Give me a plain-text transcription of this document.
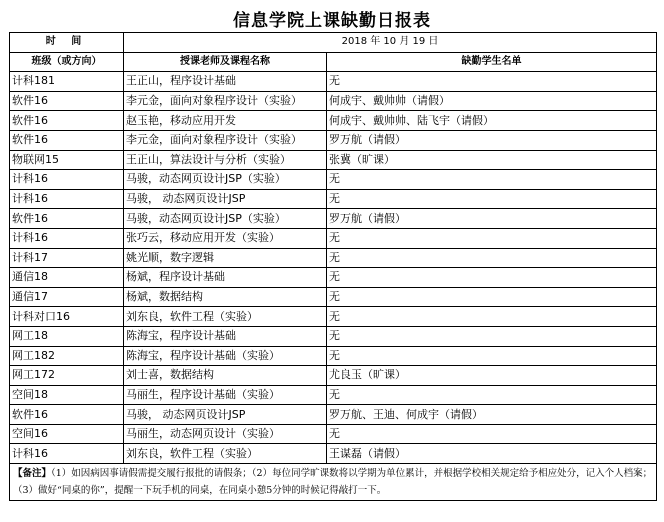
信息学院上课缺勤日报表
时 间	2018 年 10 月 19 日	
班级（或方向）	授课老师及课程名称	缺勤学生名单
计科181	王正山，程序设计基础	无
软件16	李元金，面向对象程序设计（实验）	何成宇、戴帅帅（请假）
软件16	赵玉艳，移动应用开发	何成宇、戴帅帅、陆飞宇（请假）
软件16	李元金，面向对象程序设计（实验）	罗万航（请假）
物联网15	王正山，算法设计与分析（实验）	张冀（旷课）
计科16	马骏，动态网页设计JSP（实验）	无
计科16	马骏， 动态网页设计JSP	无
软件16	马骏，动态网页设计JSP（实验）	罗万航（请假）
计科16	张巧云，移动应用开发（实验）	无
计科17	姚光顺，数字逻辑	无
通信18	杨斌，程序设计基础	无
通信17	杨斌，数据结构	无
计科对口16	刘东良，软件工程（实验）	无
网工18	陈海宝，程序设计基础	无
网工182	陈海宝，程序设计基础（实验）	无
网工172	刘士喜，数据结构	尤良玉（旷课）
空间18	马丽生，程序设计基础（实验）	无
软件16	马骏， 动态网页设计JSP	罗万航、王迪、何成宇（请假）
空间16	马丽生，动态网页设计（实验）	无
计科16	刘东良，软件工程（实验）	王谋磊（请假）
【备注】（1）如因病因事请假需提交履行报批的请假条；（2）每位同学旷课数将以学期为单位累计，并根据学校相关规定给予相应处分，记入个人档案；（3）做好“同桌的你”，提醒一下玩手机的同桌，在同桌小憩5分钟的时候记得敲打一下。		
